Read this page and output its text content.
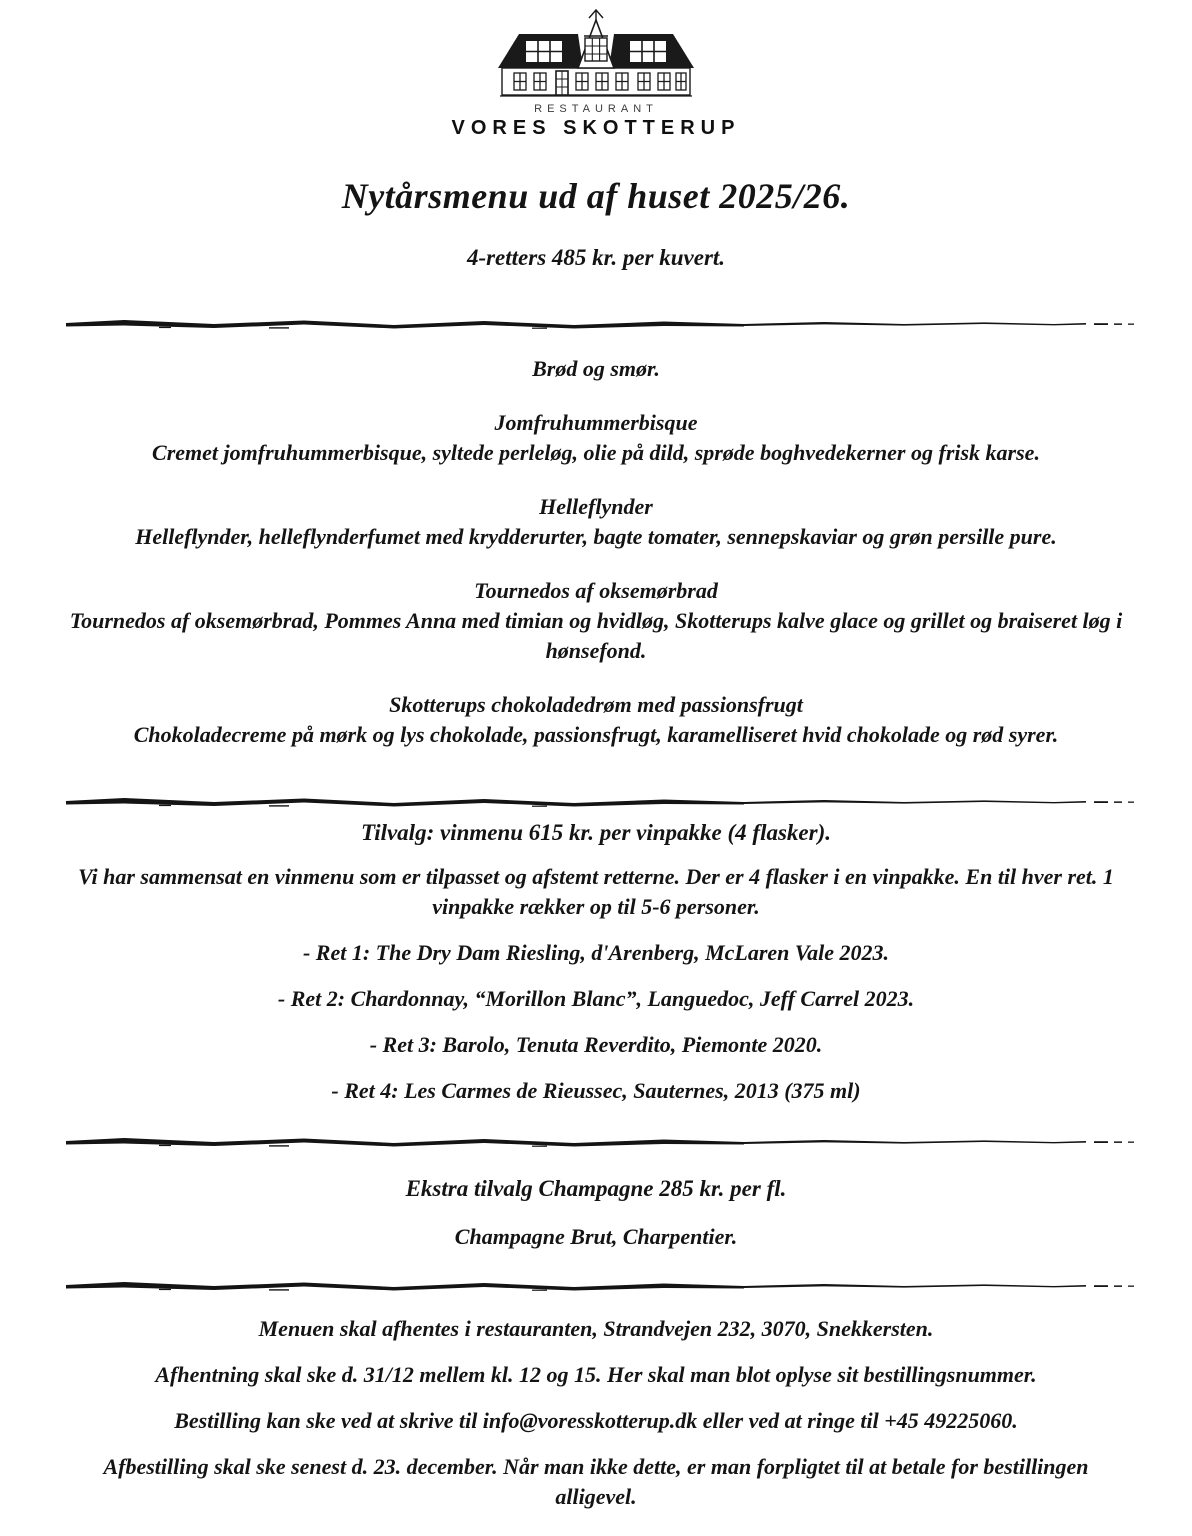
RESTAURANT
VORES SKOTTERUP
Nytårsmenu ud af huset 2025/26.

4-retters 485 kr. per kuvert.

Brød og smør.
Jomfruhummerbisque
Cremet jomfruhummerbisque, syltede perleløg, olie på dild, sprøde boghvedekerner og frisk karse.
Helleflynder
Helleflynder, helleflynderfumet med krydderurter, bagte tomater, sennepskaviar og grøn persille pure.
Tournedos af oksemørbrad
Tournedos af oksemørbrad, Pommes Anna med timian og hvidløg, Skotterups kalve glace og grillet og braiseret løg i hønsefond.
Skotterups chokoladedrøm med passionsfrugt
Chokoladecreme på mørk og lys chokolade, passionsfrugt, karamelliseret hvid chokolade og rød syrer.
Tilvalg: vinmenu 615 kr. per vinpakke (4 flasker).

Vi har sammensat en vinmenu som er tilpasset og afstemt retterne. Der er 4 flasker i en vinpakke. En til hver ret. 1 vinpakke rækker op til 5-6 personer.

- Ret 1: The Dry Dam Riesling, d'Arenberg, McLaren Vale 2023.
- Ret 2: Chardonnay, “Morillon Blanc”, Languedoc, Jeff Carrel 2023.
- Ret 3: Barolo, Tenuta Reverdito, Piemonte 2020.
- Ret 4: Les Carmes de Rieussec, Sauternes, 2013 (375 ml)
Ekstra tilvalg Champagne 285 kr. per fl.
Champagne Brut, Charpentier.

Menuen skal afhentes i restauranten, Strandvejen 232, 3070, Snekkersten.

Afhentning skal ske d. 31/12 mellem kl. 12 og 15. Her skal man blot oplyse sit bestillingsnummer.

Bestilling kan ske ved at skrive til info@voresskotterup.dk eller ved at ringe til +45 49225060.

Afbestilling skal ske senest d. 23. december. Når man ikke dette, er man forpligtet til at betale for bestillingen alligevel.
